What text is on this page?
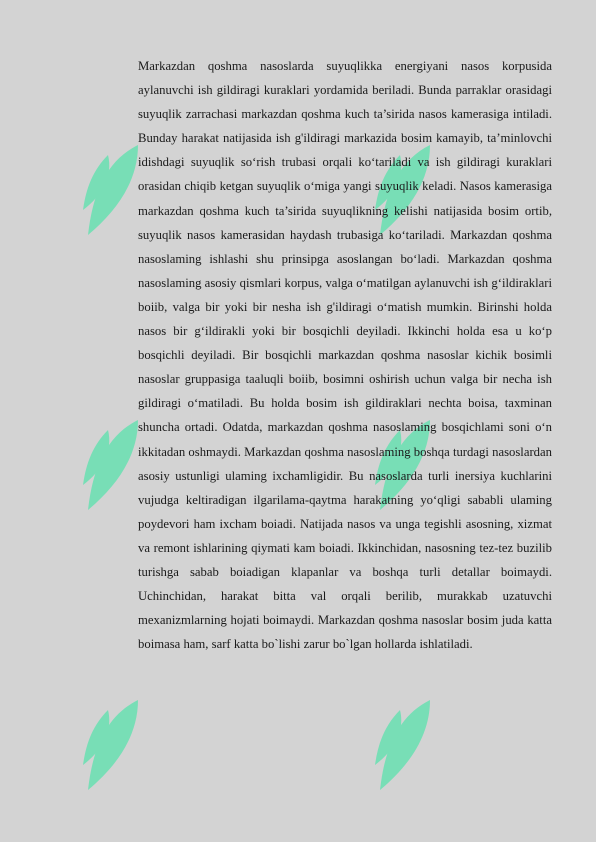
Markazdan qoshma nasoslarda suyuqlikka energiyani nasos korpusida aylanuvchi ish gildiragi kuraklari yordamida beriladi. Bunda parraklar orasidagi suyuqlik zarrachasi markazdan qoshma kuch ta’sirida nasos kamerasiga intiladi. Bunday harakat natijasida ish g'ildiragi markazida bosim kamayib, ta’minlovchi idishdagi suyuqlik so‘rish trubasi orqali ko‘tariladi va ish gildiragi kuraklari orasidan chiqib ketgan suyuqlik o‘miga yangi suyuqlik keladi. Nasos kamerasiga markazdan qoshma kuch ta’sirida suyuqlikning kelishi natijasida bosim ortib, suyuqlik nasos kamerasidan haydash trubasiga ko‘tariladi. Markazdan qoshma nasoslaming ishlashi shu prinsipga asoslangan bo‘ladi. Markazdan qoshma nasoslaming asosiy qismlari korpus, valga o‘matilgan aylanuvchi ish g‘ildiraklari boiib, valga bir yoki bir nesha ish g'ildiragi o‘matish mumkin. Birinshi holda nasos bir g‘ildirakli yoki bir bosqichli deyiladi. Ikkinchi holda esa u ko‘p bosqichli deyiladi. Bir bosqichli markazdan qoshma nasoslar kichik bosimli nasoslar gruppasiga taaluqli boiib, bosimni oshirish uchun valga bir necha ish gildiragi o‘matiladi. Bu holda bosim ish gildiraklari nechta boisa, taxminan shuncha ortadi. Odatda, markazdan qoshma nasoslaming bosqichlami soni o‘n ikkitadan oshmaydi. Markazdan qoshma nasoslaming boshqa turdagi nasoslardan asosiy ustunligi ulaming ixchamligidir. Bu nasoslarda turli inersiya kuchlarini vujudga keltiradigan ilgarilama-qaytma harakatning yo‘qligi sababli ulaming poydevori ham ixcham boiadi. Natijada nasos va unga tegishli asosning, xizmat va remont ishlarining qiymati kam boiadi. Ikkinchidan, nasosning tez-tez buzilib turishga sabab boiadigan klapanlar va boshqa turli detallar boimaydi. Uchinchidan, harakat bitta val orqali berilib, murakkab uzatuvchi mexanizmlarning hojati boimaydi. Markazdan qoshma nasoslar bosim juda katta boimasa ham, sarf katta bo`lishi zarur bo`lgan hollarda ishlatiladi.
